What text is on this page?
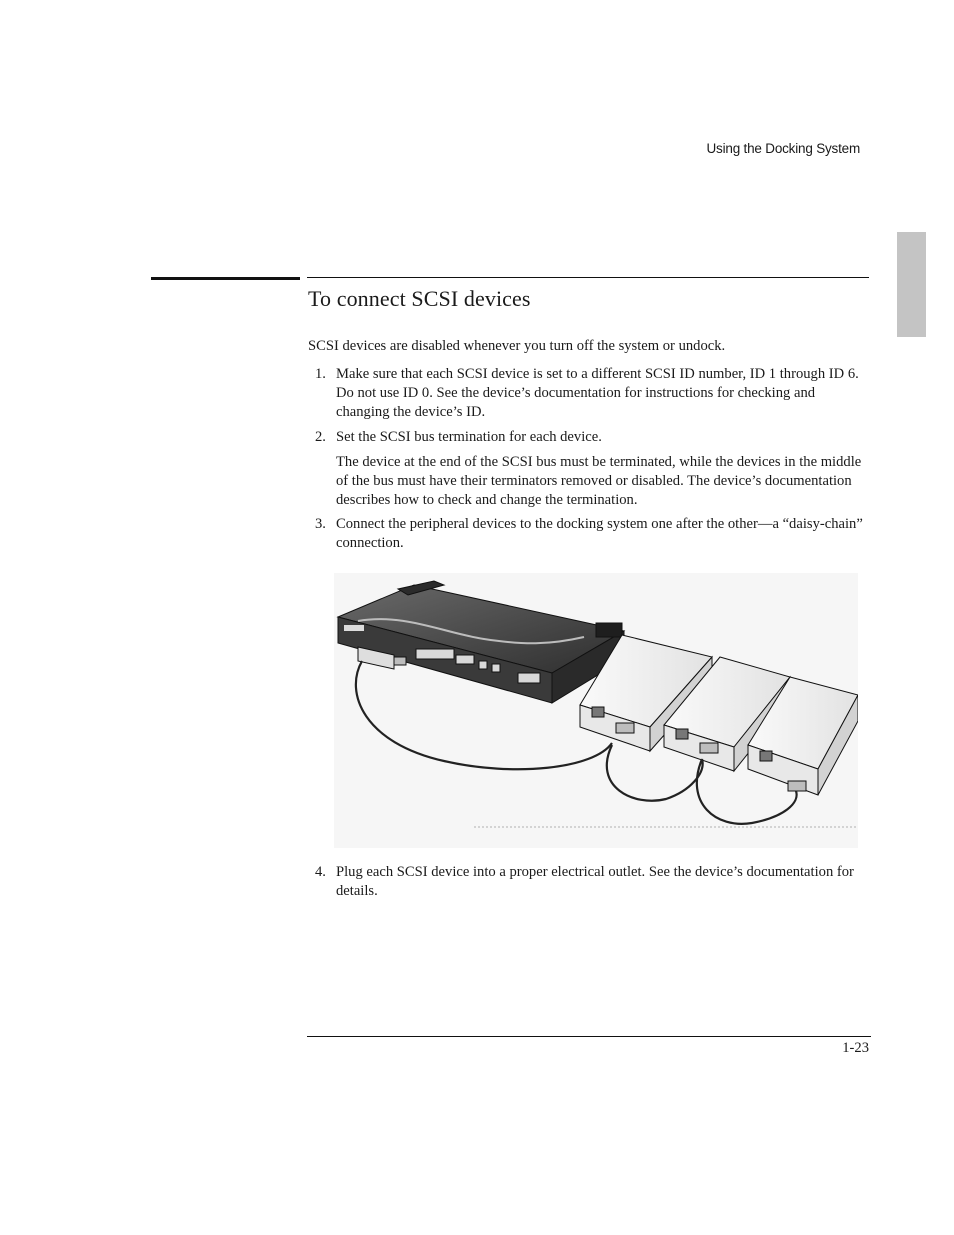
Using the Docking System
To connect SCSI devices

SCSI devices are disabled whenever you turn off the system or undock.

1. Make sure that each SCSI device is set to a different SCSI ID number, ID 1 through ID 6. Do not use ID 0. See the device’s documentation for instructions for checking and changing the device’s ID.
2. Set the SCSI bus termination for each device.
The device at the end of the SCSI bus must be terminated, while the devices in the middle of the bus must have their terminators removed or disabled. The device’s documentation describes how to check and change the termination.
3. Connect the peripheral devices to the docking system one after the other—a “daisy-chain” connection.
4. Plug each SCSI device into a proper electrical outlet. See the device’s documentation for details.
1-23
